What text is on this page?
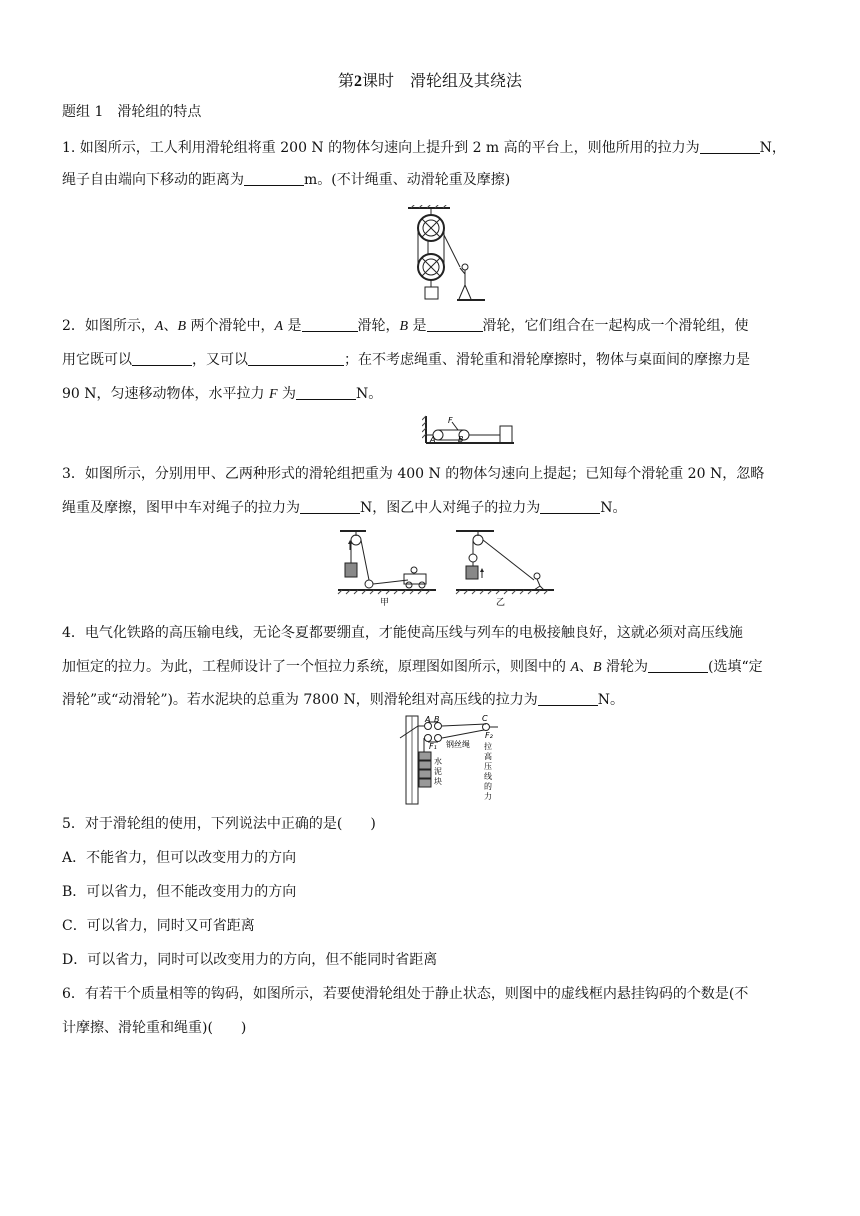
第2课时　滑轮组及其绕法
题组 1　滑轮组的特点
1. 如图所示，工人利用滑轮组将重 200 N 的物体匀速向上提升到 2 m 高的平台上，则他所用的拉力为	N，
绳子自由端向下移动的距离为	m。(不计绳重、动滑轮重及摩擦)
2．如图所示，A、B 两个滑轮中，A 是	滑轮，B 是	滑轮，它们组合在一起构成一个滑轮组，使
用它既可以	，又可以	；在不考虑绳重、滑轮重和滑轮摩擦时，物体与桌面间的摩擦力是
90 N，匀速移动物体，水平拉力 F 为	N。
F
A	B
3．如图所示，分别用甲、乙两种形式的滑轮组把重为 400 N 的物体匀速向上提起；已知每个滑轮重 20 N，忽略
绳重及摩擦，图甲中车对绳子的拉力为	N，图乙中人对绳子的拉力为	N。
甲	乙
4．电气化铁路的高压输电线，无论冬夏都要绷直，才能使高压线与列车的电极接触良好，这就必须对高压线施
加恒定的拉力。为此，工程师设计了一个恒拉力系统，原理图如图所示，则图中的 A、B 滑轮为	(选填“定
滑轮”或“动滑轮”)。若水泥块的总重为 7800 N，则滑轮组对高压线的拉力为	N。
A B	C
F₁
F₂
钢丝绳
水
泥
块
拉
高
压
线
的
力
5．对于滑轮组的使用，下列说法中正确的是(　　)
A．不能省力，但可以改变用力的方向
B．可以省力，但不能改变用力的方向
C．可以省力，同时又可省距离
D．可以省力，同时可以改变用力的方向，但不能同时省距离
6．有若干个质量相等的钩码，如图所示，若要使滑轮组处于静止状态，则图中的虚线框内悬挂钩码的个数是(不
计摩擦、滑轮重和绳重)(　　)
